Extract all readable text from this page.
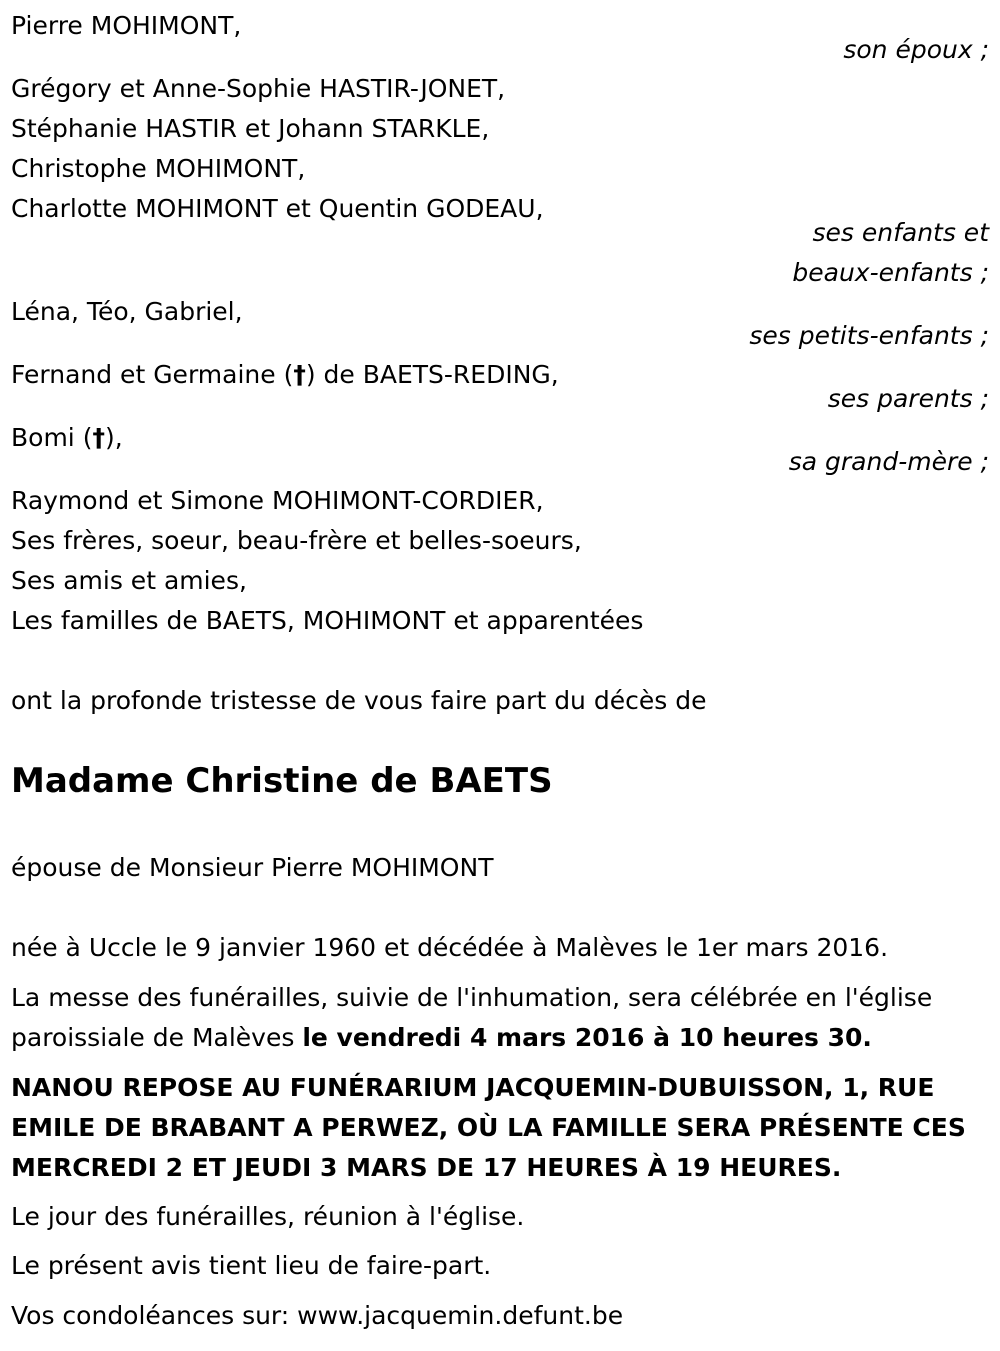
Pierre MOHIMONT,
son époux ;
Grégory et Anne-Sophie HASTIR-JONET,
Stéphanie HASTIR et Johann STARKLE,
Christophe MOHIMONT,
Charlotte MOHIMONT et Quentin GODEAU,
ses enfants et
beaux-enfants ;
Léna, Téo, Gabriel,
ses petits-enfants ;
Fernand et Germaine (†) de BAETS-REDING,
ses parents ;
Bomi (†),
sa grand-mère ;
Raymond et Simone MOHIMONT-CORDIER,
Ses frères, soeur, beau-frère et belles-soeurs,
Ses amis et amies,
Les familles de BAETS, MOHIMONT et apparentées
ont la profonde tristesse de vous faire part du décès de
Madame Christine de BAETS
épouse de Monsieur Pierre MOHIMONT
née à Uccle le 9 janvier 1960 et décédée à Malèves le 1er mars 2016.
La messe des funérailles, suivie de l'inhumation, sera célébrée en l'église
paroissiale de Malèves le vendredi 4 mars 2016 à 10 heures 30.
NANOU REPOSE AU FUNÉRARIUM JACQUEMIN-DUBUISSON, 1, RUE
EMILE DE BRABANT A PERWEZ, OÙ LA FAMILLE SERA PRÉSENTE CES
MERCREDI 2 ET JEUDI 3 MARS DE 17 HEURES À 19 HEURES.
Le jour des funérailles, réunion à l'église.
Le présent avis tient lieu de faire-part.
Vos condoléances sur: www.jacquemin.defunt.be
